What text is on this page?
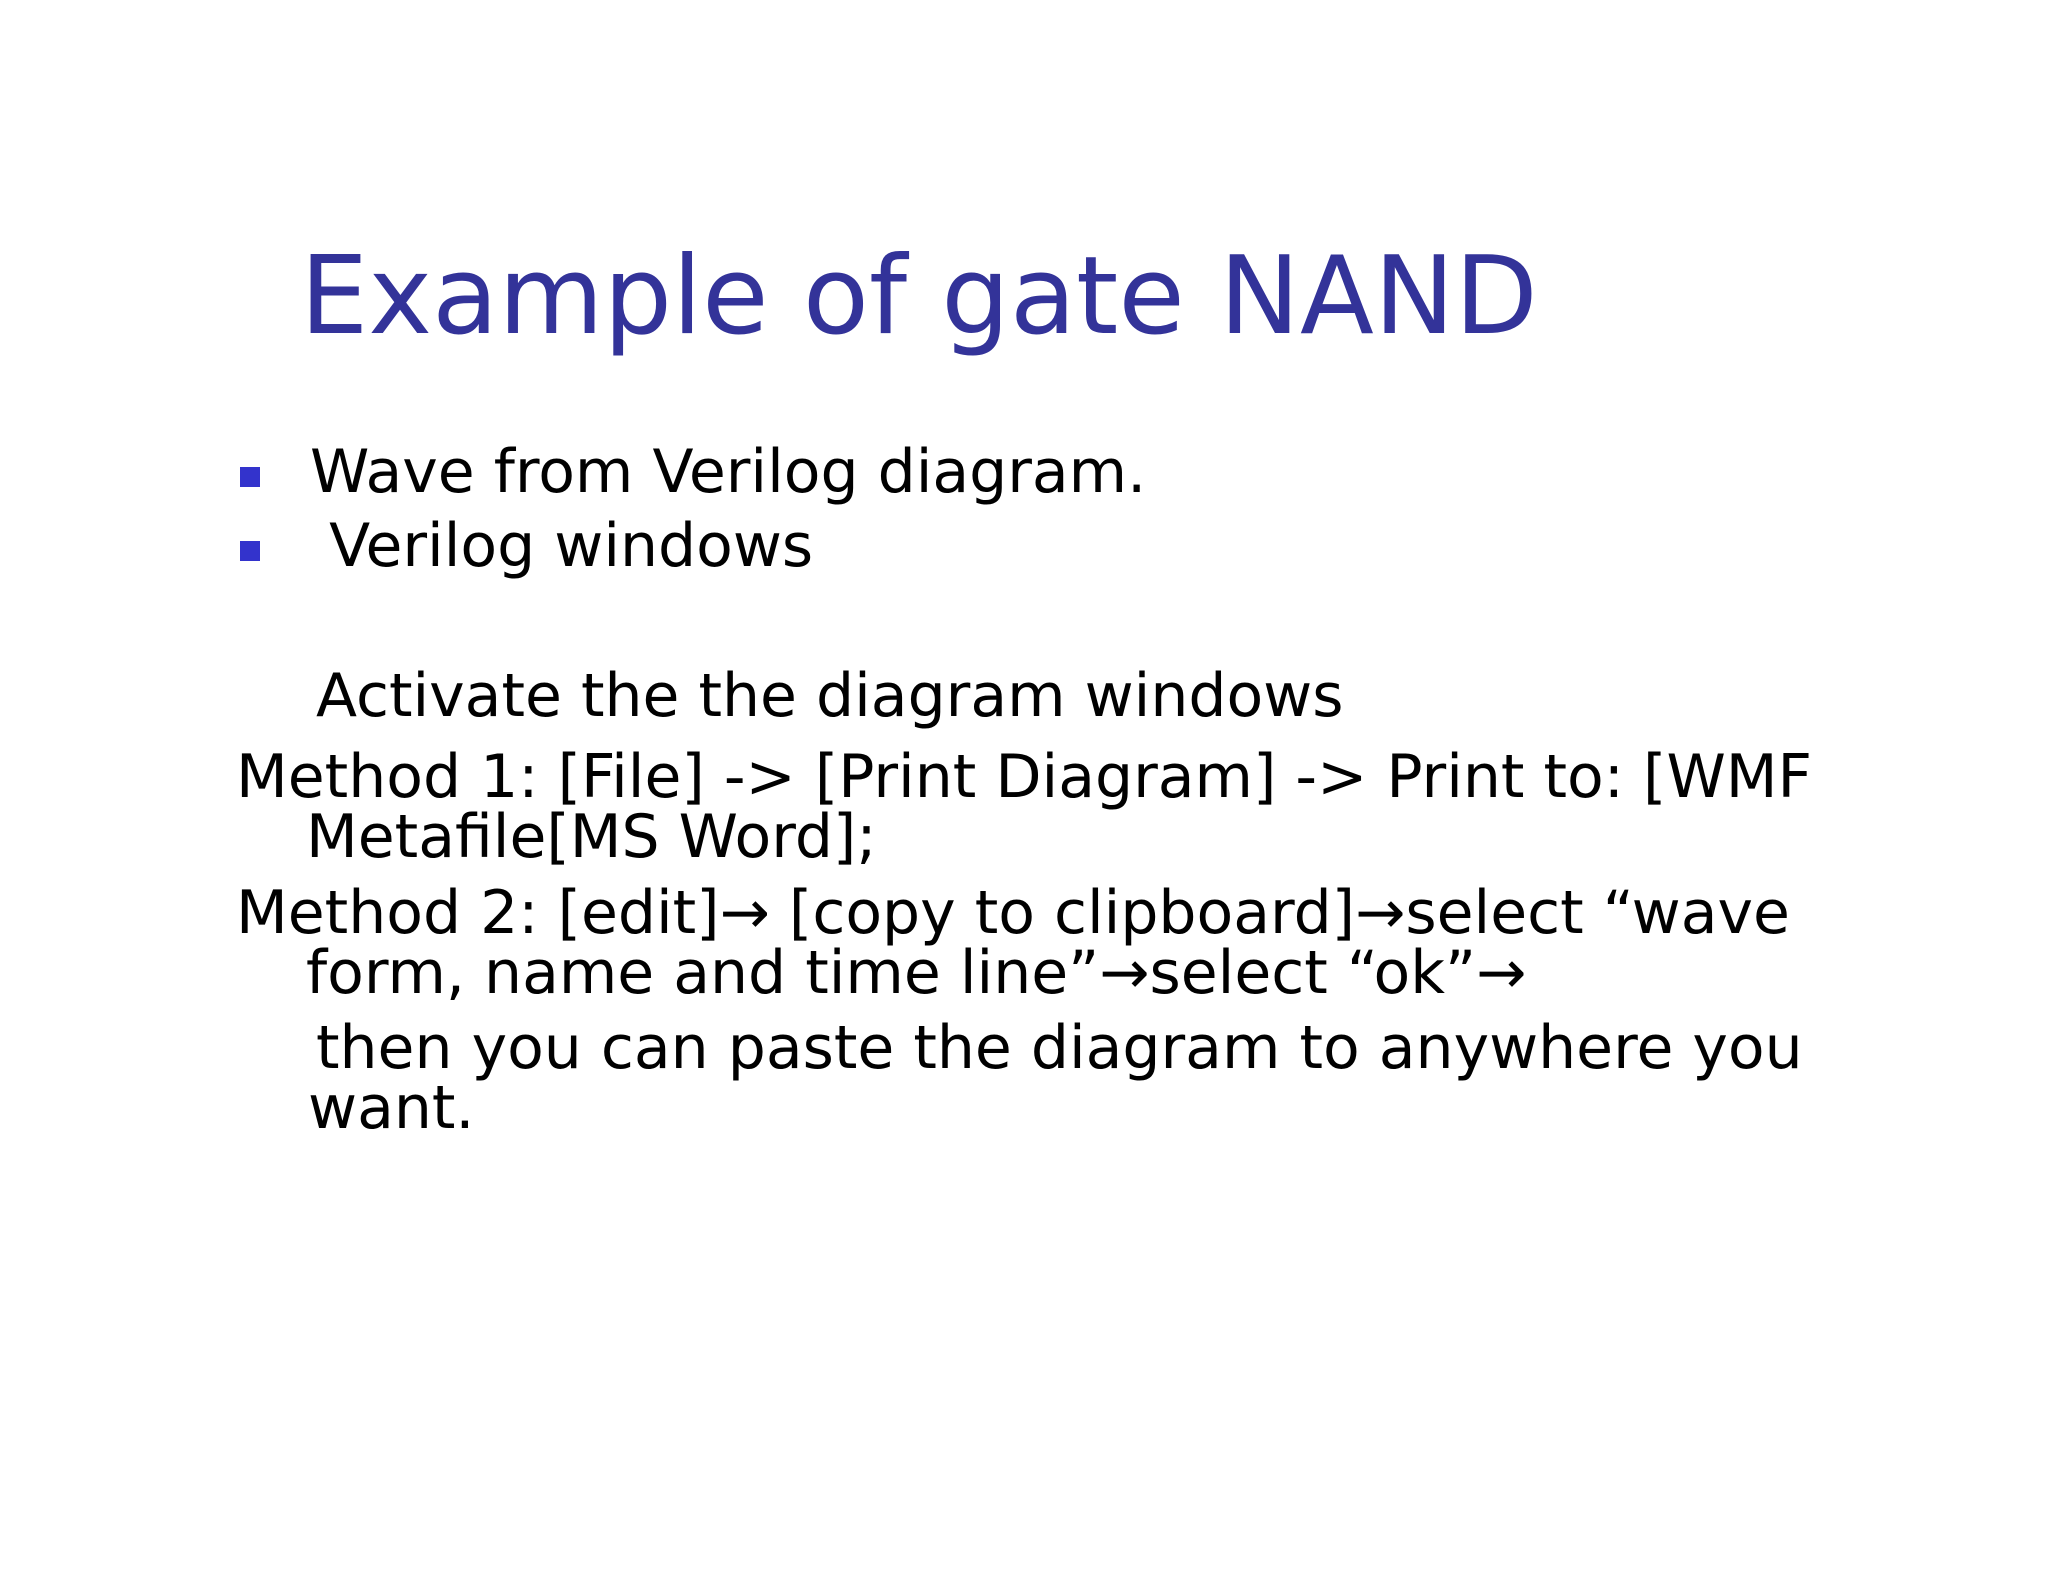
Example of gate NAND
Wave from Verilog diagram.
Verilog windows
Activate the the diagram windows
Method 1: [File] -> [Print Diagram] -> Print to: [WMF
Metafile[MS Word];
Method 2: [edit]→ [copy to clipboard]→select “wave
form, name and time line”→select “ok”→
then you can paste the diagram to anywhere you
want.
